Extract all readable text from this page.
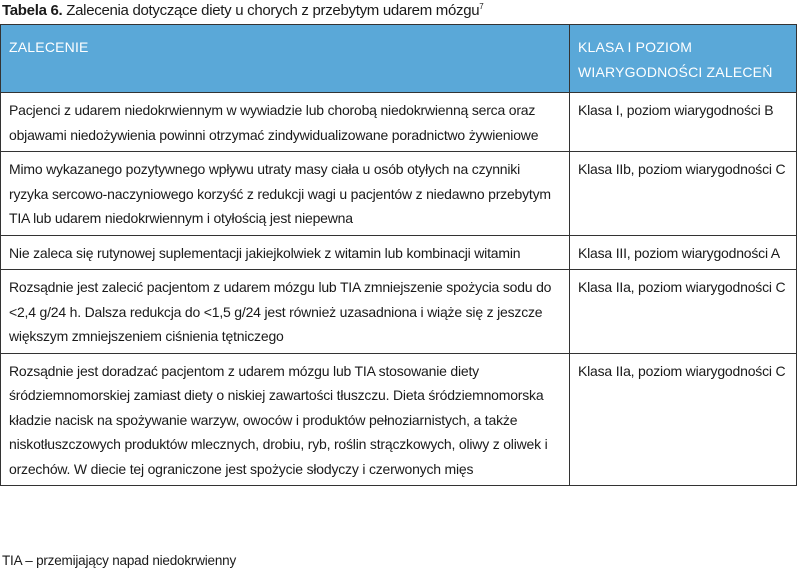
Tabela 6. Zalecenia dotyczące diety u chorych z przebytym udarem mózgu$^7$
ZALECENIE	KLASA I POZIOM WIARYGODNOŚCI ZALECEŃ
Pacjenci z udarem niedokrwiennym w wywiadzie lub chorobą niedokrwienną serca oraz objawami niedożywienia powinni otrzymać zindywidualizowane poradnictwo żywieniowe	Klasa I, poziom wiarygodności B
Mimo wykazanego pozytywnego wpływu utraty masy ciała u osób otyłych na czynniki ryzyka sercowo-naczyniowego korzyść z redukcji wagi u pacjentów z niedawno przebytym TIA lub udarem niedokrwiennym i otyłością jest niepewna	Klasa IIb, poziom wiarygodności C
Nie zaleca się rutynowej suplementacji jakiejkolwiek z witamin lub kombinacji witamin	Klasa III, poziom wiarygodności A
Rozsądnie jest zalecić pacjentom z udarem mózgu lub TIA zmniejszenie spożycia sodu do <2,4 g/24 h. Dalsza redukcja do <1,5 g/24 jest również uzasadniona i wiąże się z jeszcze większym zmniejszeniem ciśnienia tętniczego	Klasa IIa, poziom wiarygodności C
Rozsądnie jest doradzać pacjentom z udarem mózgu lub TIA stosowanie diety śródziemnomorskiej zamiast diety o niskiej zawartości tłuszczu. Dieta śródziemnomorska kładzie nacisk na spożywanie warzyw, owoców i produktów pełnoziarnistych, a także niskotłuszczowych produktów mlecznych, drobiu, ryb, roślin strączkowych, oliwy z oliwek i orzechów. W diecie tej ograniczone jest spożycie słodyczy i czerwonych mięs	Klasa IIa, poziom wiarygodności C
TIA – przemijający napad niedokrwienny
